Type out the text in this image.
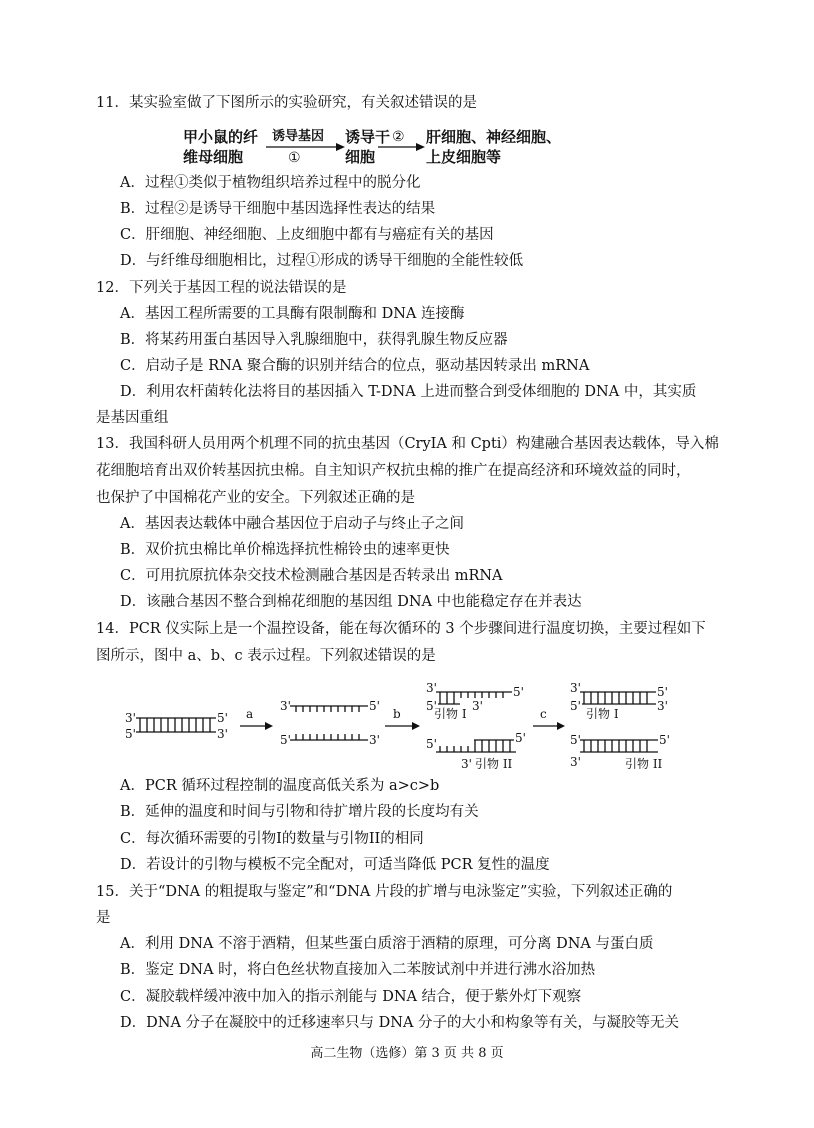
11．某实验室做了下图所示的实验研究，有关叙述错误的是
甲小鼠的纤
维母细胞
诱导基因
①
诱导干
细胞
② 肝细胞、神经细胞、
上皮细胞等
A．过程①类似于植物组织培养过程中的脱分化
B．过程②是诱导干细胞中基因选择性表达的结果
C．肝细胞、神经细胞、上皮细胞中都有与癌症有关的基因
D．与纤维母细胞相比，过程①形成的诱导干细胞的全能性较低
12．下列关于基因工程的说法错误的是
A．基因工程所需要的工具酶有限制酶和 DNA 连接酶
B．将某药用蛋白基因导入乳腺细胞中，获得乳腺生物反应器
C．启动子是 RNA 聚合酶的识别并结合的位点，驱动基因转录出 mRNA
D．利用农杆菌转化法将目的基因插入 T-DNA 上进而整合到受体细胞的 DNA 中，其实质
是基因重组
13．我国科研人员用两个机理不同的抗虫基因（CryIA 和 Cpti）构建融合基因表达载体，导入棉
花细胞培育出双价转基因抗虫棉。自主知识产权抗虫棉的推广在提高经济和环境效益的同时，
也保护了中国棉花产业的安全。下列叙述正确的是
A．基因表达载体中融合基因位于启动子与终止子之间
B．双价抗虫棉比单价棉选择抗性棉铃虫的速率更快
C．可用抗原抗体杂交技术检测融合基因是否转录出 mRNA
D．该融合基因不整合到棉花细胞的基因组 DNA 中也能稳定存在并表达
14．PCR 仪实际上是一个温控设备，能在每次循环的 3 个步骤间进行温度切换，主要过程如下
图所示，图中 a、b、c 表示过程。下列叙述错误的是
3'
5'
5'
3'
a
3'	5'
5'	3'
b
3'	5'
5'	3'
引物 I
5'	5'
3' 引物 II
c
3'	5'
5'	3'
引物 I
5'	5'
3'	引物 II
A．PCR 循环过程控制的温度高低关系为 a>c>b
B．延伸的温度和时间与引物和待扩增片段的长度均有关
C．每次循环需要的引物I的数量与引物II的相同
D．若设计的引物与模板不完全配对，可适当降低 PCR 复性的温度
15．关于“DNA 的粗提取与鉴定”和“DNA 片段的扩增与电泳鉴定”实验，下列叙述正确的
是
A．利用 DNA 不溶于酒精，但某些蛋白质溶于酒精的原理，可分离 DNA 与蛋白质
B．鉴定 DNA 时，将白色丝状物直接加入二苯胺试剂中并进行沸水浴加热
C．凝胶载样缓冲液中加入的指示剂能与 DNA 结合，便于紫外灯下观察
D．DNA 分子在凝胶中的迁移速率只与 DNA 分子的大小和构象等有关，与凝胶等无关
高二生物（选修）第 3 页 共 8 页
